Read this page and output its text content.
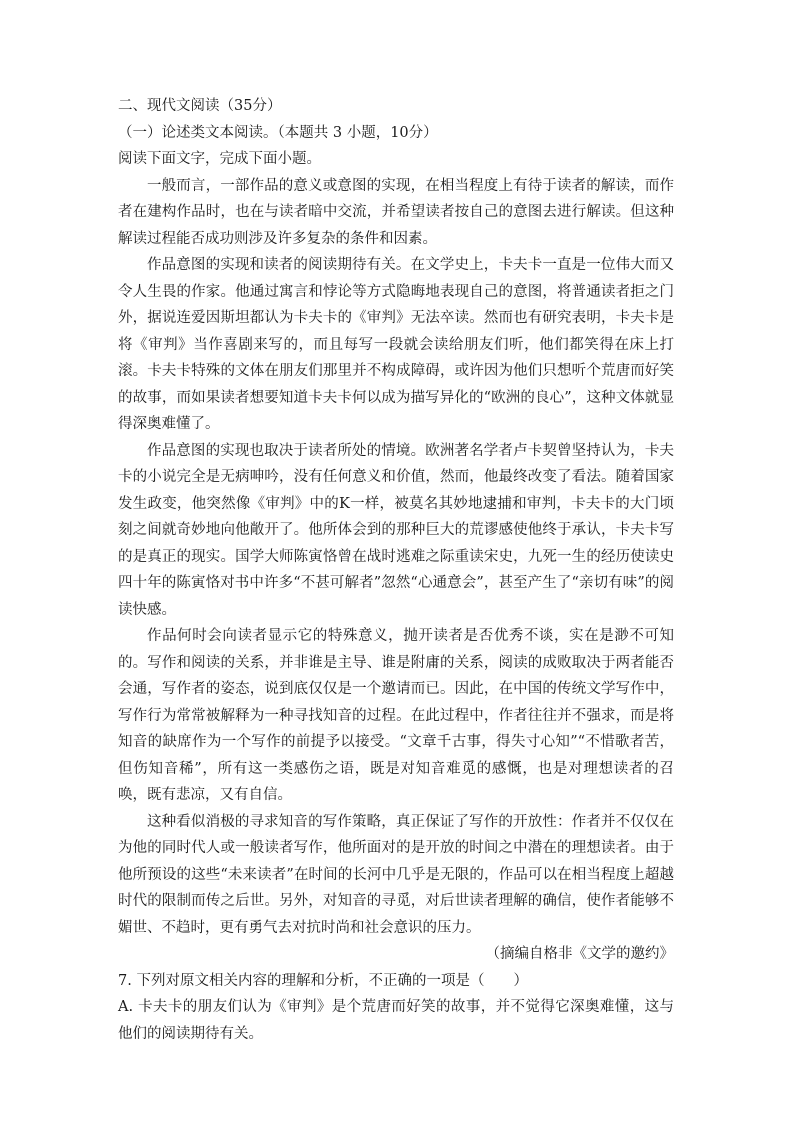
二、现代文阅读（35分）
（一）论述类文本阅读。（本题共 3 小题，10分）
阅读下面文字，完成下面小题。
一般而言，一部作品的意义或意图的实现，在相当程度上有待于读者的解读，而作者在建构作品时，也在与读者暗中交流，并希望读者按自己的意图去进行解读。但这种解读过程能否成功则涉及许多复杂的条件和因素。
作品意图的实现和读者的阅读期待有关。在文学史上，卡夫卡一直是一位伟大而又令人生畏的作家。他通过寓言和悖论等方式隐晦地表现自己的意图，将普通读者拒之门外，据说连爱因斯坦都认为卡夫卡的《审判》无法卒读。然而也有研究表明，卡夫卡是将《审判》当作喜剧来写的，而且每写一段就会读给朋友们听，他们都笑得在床上打滚。卡夫卡特殊的文体在朋友们那里并不构成障碍，或许因为他们只想听个荒唐而好笑的故事，而如果读者想要知道卡夫卡何以成为描写异化的“欧洲的良心”，这种文体就显得深奥难懂了。
作品意图的实现也取决于读者所处的情境。欧洲著名学者卢卡契曾坚持认为，卡夫卡的小说完全是无病呻吟，没有任何意义和价值，然而，他最终改变了看法。随着国家发生政变，他突然像《审判》中的K一样，被莫名其妙地逮捕和审判，卡夫卡的大门顷刻之间就奇妙地向他敞开了。他所体会到的那种巨大的荒谬感使他终于承认，卡夫卡写的是真正的现实。国学大师陈寅恪曾在战时逃难之际重读宋史，九死一生的经历使读史四十年的陈寅恪对书中许多“不甚可解者”忽然“心通意会”，甚至产生了“亲切有味”的阅读快感。
作品何时会向读者显示它的特殊意义，抛开读者是否优秀不谈，实在是渺不可知的。写作和阅读的关系，并非谁是主导、谁是附庸的关系，阅读的成败取决于两者能否会通，写作者的姿态，说到底仅仅是一个邀请而已。因此，在中国的传统文学写作中，写作行为常常被解释为一种寻找知音的过程。在此过程中，作者往往并不强求，而是将知音的缺席作为一个写作的前提予以接受。“文章千古事，得失寸心知”“不惜歌者苦，但伤知音稀”，所有这一类感伤之语，既是对知音难觅的感慨，也是对理想读者的召唤，既有悲凉，又有自信。
这种看似消极的寻求知音的写作策略，真正保证了写作的开放性：作者并不仅仅在为他的同时代人或一般读者写作，他所面对的是开放的时间之中潜在的理想读者。由于他所预设的这些“未来读者”在时间的长河中几乎是无限的，作品可以在相当程度上超越时代的限制而传之后世。另外，对知音的寻觅，对后世读者理解的确信，使作者能够不媚世、不趋时，更有勇气去对抗时尚和社会意识的压力。
（摘编自格非《文学的邀约》
7. 下列对原文相关内容的理解和分析，不正确的一项是（　　）
A. 卡夫卡的朋友们认为《审判》是个荒唐而好笑的故事，并不觉得它深奥难懂，这与他们的阅读期待有关。
